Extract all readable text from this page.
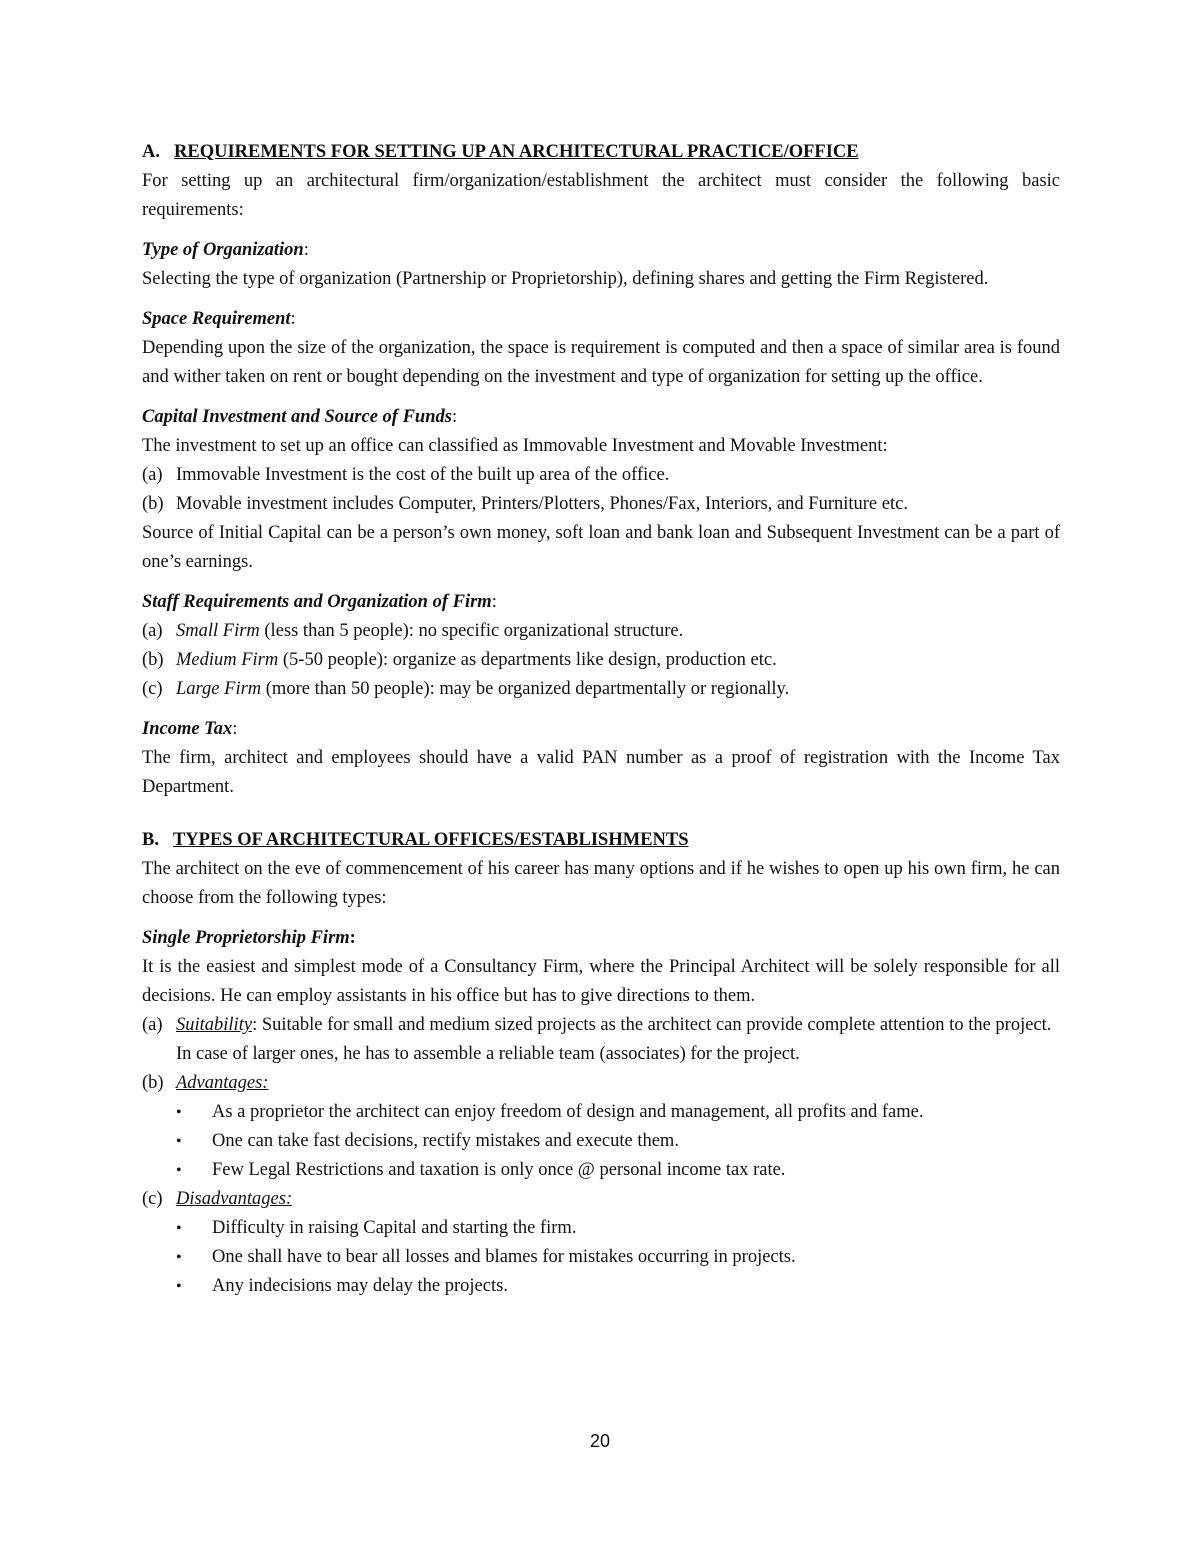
A. REQUIREMENTS FOR SETTING UP AN ARCHITECTURAL PRACTICE/OFFICE

For setting up an architectural firm/organization/establishment the architect must consider the following basic requirements:

Type of Organization:

Selecting the type of organization (Partnership or Proprietorship), defining shares and getting the Firm Registered.

Space Requirement:

Depending upon the size of the organization, the space is requirement is computed and then a space of similar area is found and wither taken on rent or bought depending on the investment and type of organization for setting up the office.

Capital Investment and Source of Funds:

The investment to set up an office can classified as Immovable Investment and Movable Investment:

(a) Immovable Investment is the cost of the built up area of the office.
(b) Movable investment includes Computer, Printers/Plotters, Phones/Fax, Interiors, and Furniture etc.

Source of Initial Capital can be a person’s own money, soft loan and bank loan and Subsequent Investment can be a part of one’s earnings.

Staff Requirements and Organization of Firm:

(a) Small Firm (less than 5 people): no specific organizational structure.
(b) Medium Firm (5-50 people): organize as departments like design, production etc.
(c) Large Firm (more than 50 people): may be organized departmentally or regionally.

Income Tax:

The firm, architect and employees should have a valid PAN number as a proof of registration with the Income Tax Department.

B. TYPES OF ARCHITECTURAL OFFICES/ESTABLISHMENTS

The architect on the eve of commencement of his career has many options and if he wishes to open up his own firm, he can choose from the following types:

Single Proprietorship Firm:

It is the easiest and simplest mode of a Consultancy Firm, where the Principal Architect will be solely responsible for all decisions. He can employ assistants in his office but has to give directions to them.

(a) Suitability: Suitable for small and medium sized projects as the architect can provide complete attention to the project. In case of larger ones, he has to assemble a reliable team (associates) for the project.
(b) Advantages:
•	As a proprietor the architect can enjoy freedom of design and management, all profits and fame.
•	One can take fast decisions, rectify mistakes and execute them.
•	Few Legal Restrictions and taxation is only once @ personal income tax rate.
(c) Disadvantages:
•	Difficulty in raising Capital and starting the firm.
•	One shall have to bear all losses and blames for mistakes occurring in projects.
•	Any indecisions may delay the projects.
20
